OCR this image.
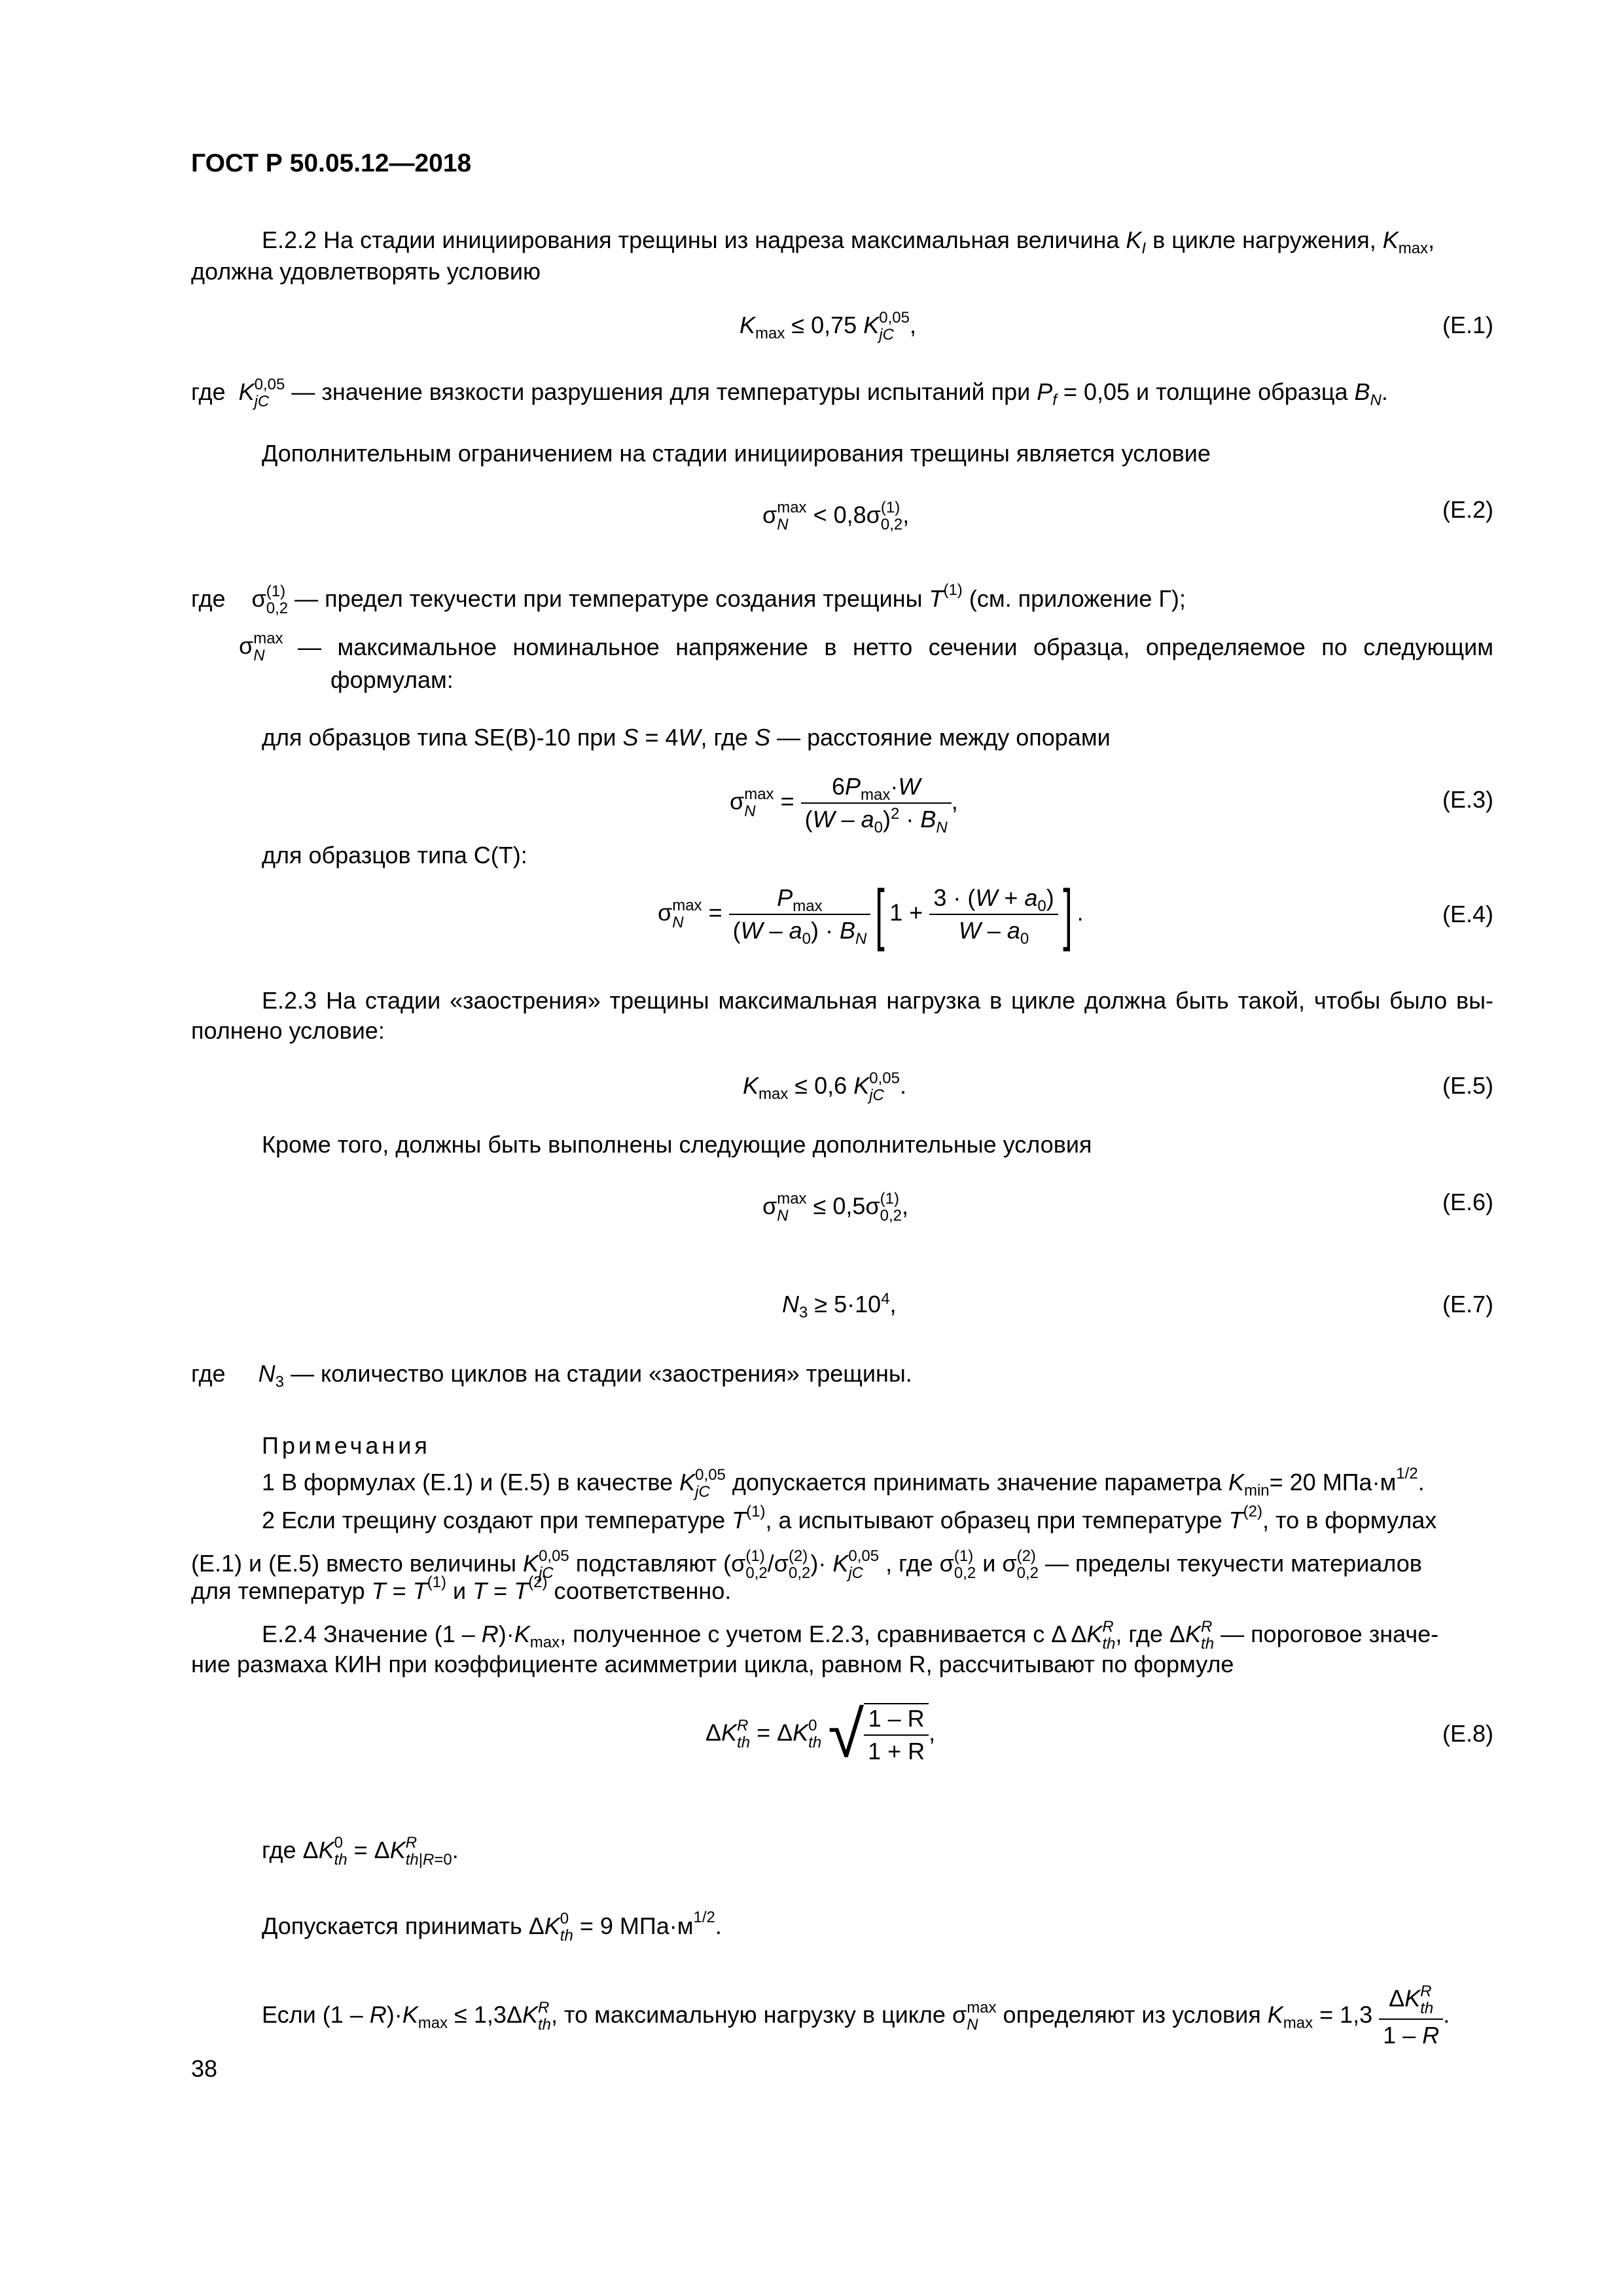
ГОСТ Р 50.05.12—2018
Е.2.2 На стадии инициирования трещины из надреза максимальная величина $K_I$ в цикле нагружения, $K_{max}$,
должна удовлетворять условию
$K_{max} \le 0,75$ K0,05
jC ,	(Е.1)
где K0,05
jC — значение вязкости разрушения для температуры испытаний при $P_f = 0,05$ и толщине образца $B_N$.
Дополнительным ограничением на стадии инициирования трещины является условие
σmax
N < 0,8σ(1)
0,2,	(Е.2)
где    σ(1)
0,2 — предел текучести при температуре создания трещины $T^{(1)}$ (см. приложение Г);
σmax
N	— максимальное номинальное напряжение в нетто сечении образца, определяемое по следующим
формулам:
для образцов типа SE(B)-10 при S = 4W, где S — расстояние между опорами
σmax
$N = \frac{6P_{max}\cdot W}{(W - a_0)^2 \cdot B_N}$ ,	(Е.3)
для образцов типа С(Т):
σmax
$N = \frac{P_{max}}{(W - a_0) \cdot B_N}$ [ $1 + \frac{3 \cdot (W + a_0)}{W - a_0}$ ] .	(Е.4)
Е.2.3 На стадии «заострения» трещины максимальная нагрузка в цикле должна быть такой, чтобы было вы-
полнено условие:
$K_{max} \le 0,6$ K0,05
jC .	(Е.5)
Кроме того, должны быть выполнены следующие дополнительные условия
σmax
N ≤ 0,5σ(1)
0,2,	(Е.6)
$N_3 \ge 5\cdot 10^4$,	(Е.7)
где $N_3$ — количество циклов на стадии «заострения» трещины.
Примечания
1 В формулах (Е.1) и (Е.5) в качестве K0,05
jC допускается принимать значение параметра $K_{min}= 20$ $МПа\cdot м^{1/2}$.
2 Если трещину создают при температуре $T^{(1)}$, а испытывают образец при температуре $T^{(2)}$, то в формулах
(Е.1) и (Е.5) вместо величины K0,05
jC подставляют (σ(1)
0,2/σ(2)
0,2)· K0,05
jC , где σ(1)
0,2 и σ(2)
0,2 — пределы текучести материалов
для температур $T = T^{(1)}$ и $T = T^{(2)}$ соответственно.
Е.2.4 Значение $(1 - R)\cdot K_{max}$, полученное с учетом Е.2.3, сравнивается с Δ ΔKR
th, где ΔKR
th — пороговое значе-
ние размаха КИН при коэффициенте асимметрии цикла, равном R, рассчитывают по формуле
ΔKR
th = ΔK0
th √ $\frac{1 - R}{1 + R}$ ,	(Е.8)
где ΔK0
th = ΔKR
th|R=0.
Допускается принимать ΔK0
th = 9 $МПа\cdot м^{1/2}$.
Если $(1 - R)\cdot K_{max} \le 1,3\Delta KR$
th, то максимальную нагрузку в цикле σmax
N определяют из условия $K_{max} = 1,3$
ΔKR
th
1 – R
.
38
